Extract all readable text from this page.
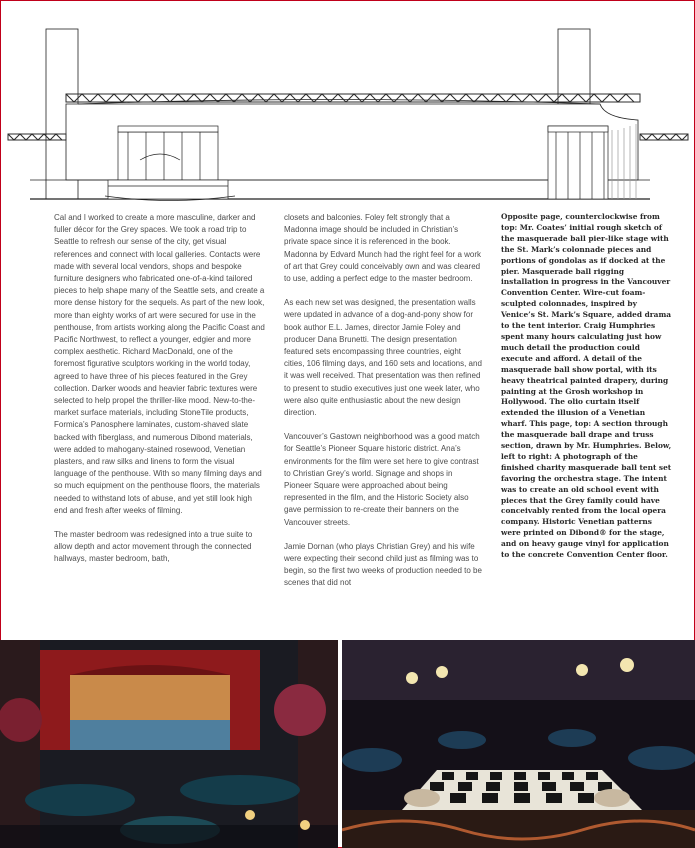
Cal and I worked to create a more masculine, darker and fuller décor for the Grey spaces. We took a road trip to Seattle to refresh our sense of the city, get visual references and connect with local galleries. Contacts were made with several local vendors, shops and bespoke furniture designers who fabricated one-of-a-kind tailored pieces to help shape many of the Seattle sets, and create a more dense history for the sequels. As part of the new look, more than eighty works of art were secured for use in the penthouse, from artists working along the Pacific Coast and Pacific Northwest, to reflect a younger, edgier and more complex aesthetic. Richard MacDonald, one of the foremost figurative sculptors working in the world today, agreed to have three of his pieces featured in the Grey collection. Darker woods and heavier fabric textures were selected to help propel the thriller-like mood. New-to-the-market surface materials, including StoneTile products, Formica’s Panosphere laminates, custom-shaved slate backed with fiberglass, and numerous Dibond materials, were added to mahogany-stained rosewood, Venetian plasters, and raw silks and linens to form the visual language of the penthouse. With so many filming days and so much equipment on the penthouse floors, the materials needed to withstand lots of abuse, and yet still look high end and fresh after weeks of filming.

The master bedroom was redesigned into a true suite to allow depth and actor movement through the connected hallways, master bedroom, bath,

closets and balconies. Foley felt strongly that a Madonna image should be included in Christian’s private space since it is referenced in the book. Madonna by Edvard Munch had the right feel for a work of art that Grey could conceivably own and was cleared to use, adding a perfect edge to the master bedroom.

As each new set was designed, the presentation walls were updated in advance of a dog-and-pony show for book author E.L. James, director Jamie Foley and producer Dana Brunetti. The design presentation featured sets encompassing three countries, eight cities, 106 filming days, and 160 sets and locations, and it was well received. That presentation was then refined to present to studio executives just one week later, who were also quite enthusiastic about the new design direction.

Vancouver’s Gastown neighborhood was a good match for Seattle’s Pioneer Square historic district. Ana’s environments for the film were set here to give contrast to Christian Grey’s world. Signage and shops in Pioneer Square were approached about being represented in the film, and the Historic Society also gave permission to re-create their banners on the Vancouver streets.

Jamie Dornan (who plays Christian Grey) and his wife were expecting their second child just as filming was to begin, so the first two weeks of production needed to be scenes that did not

Opposite page, counterclockwise from top: Mr. Coates’ initial rough sketch of the masquerade ball pier-like stage with the St. Mark’s colonnade pieces and portions of gondolas as if docked at the pier. Masquerade ball rigging installation in progress in the Vancouver Convention Center. Wire-cut foam-sculpted colonnades, inspired by Venice’s St. Mark’s Square, added drama to the tent interior. Craig Humphries spent many hours calculating just how much detail the production could execute and afford. A detail of the masquerade ball show portal, with its heavy theatrical painted drapery, during painting at the Grosh workshop in Hollywood. The olio curtain itself extended the illusion of a Venetian wharf. This page, top: A section through the masquerade ball drape and truss section, drawn by Mr. Humphries. Below, left to right: A photograph of the finished charity masquerade ball tent set favoring the orchestra stage. The intent was to create an old school event with pieces that the Grey family could have conceivably rented from the local opera company. Historic Venetian patterns were printed on Dibond® for the stage, and on heavy gauge vinyl for application to the concrete Convention Center floor.
